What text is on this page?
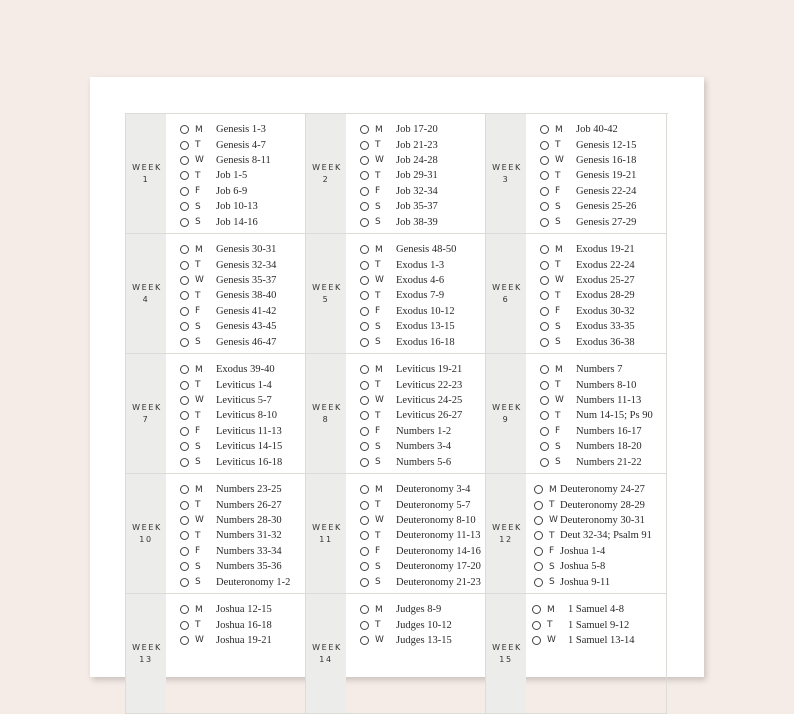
WEEK
1
M	Genesis 1-3
T	Genesis 4-7
W	Genesis 8-11
T	Job 1-5
F	Job 6-9
S	Job 10-13
S	Job 14-16
WEEK
2
M	Job 17-20
T	Job 21-23
W	Job 24-28
T	Job 29-31
F	Job 32-34
S	Job 35-37
S	Job 38-39
WEEK
3
M	Job 40-42
T	Genesis 12-15
W	Genesis 16-18
T	Genesis 19-21
F	Genesis 22-24
S	Genesis 25-26
S	Genesis 27-29
WEEK
4
M	Genesis 30-31
T	Genesis 32-34
W	Genesis 35-37
T	Genesis 38-40
F	Genesis 41-42
S	Genesis 43-45
S	Genesis 46-47
WEEK
5
M	Genesis 48-50
T	Exodus 1-3
W	Exodus 4-6
T	Exodus 7-9
F	Exodus 10-12
S	Exodus 13-15
S	Exodus 16-18
WEEK
6
M	Exodus 19-21
T	Exodus 22-24
W	Exodus 25-27
T	Exodus 28-29
F	Exodus 30-32
S	Exodus 33-35
S	Exodus 36-38
WEEK
7
M	Exodus 39-40
T	Leviticus 1-4
W	Leviticus 5-7
T	Leviticus 8-10
F	Leviticus 11-13
S	Leviticus 14-15
S	Leviticus 16-18
WEEK
8
M	Leviticus 19-21
T	Leviticus 22-23
W	Leviticus 24-25
T	Leviticus 26-27
F	Numbers 1-2
S	Numbers 3-4
S	Numbers 5-6
WEEK
9
M	Numbers 7
T	Numbers 8-10
W	Numbers 11-13
T	Num 14-15; Ps 90
F	Numbers 16-17
S	Numbers 18-20
S	Numbers 21-22
WEEK
10
M	Numbers 23-25
T	Numbers 26-27
W	Numbers 28-30
T	Numbers 31-32
F	Numbers 33-34
S	Numbers 35-36
S	Deuteronomy 1-2
WEEK
11
M	Deuteronomy 3-4
T	Deuteronomy 5-7
W	Deuteronomy 8-10
T	Deuteronomy 11-13
F	Deuteronomy 14-16
S	Deuteronomy 17-20
S	Deuteronomy 21-23
WEEK
12
M Deuteronomy 24-27
T Deuteronomy 28-29
W Deuteronomy 30-31
T Deut 32-34; Psalm 91
F Joshua 1-4
S Joshua 5-8
S Joshua 9-11
WEEK
13
M	Joshua 12-15
T	Joshua 16-18
W	Joshua 19-21
WEEK
14
M	Judges 8-9
T	Judges 10-12
W	Judges 13-15
WEEK
15
M	1 Samuel 4-8
T	1 Samuel 9-12
W	1 Samuel 13-14
